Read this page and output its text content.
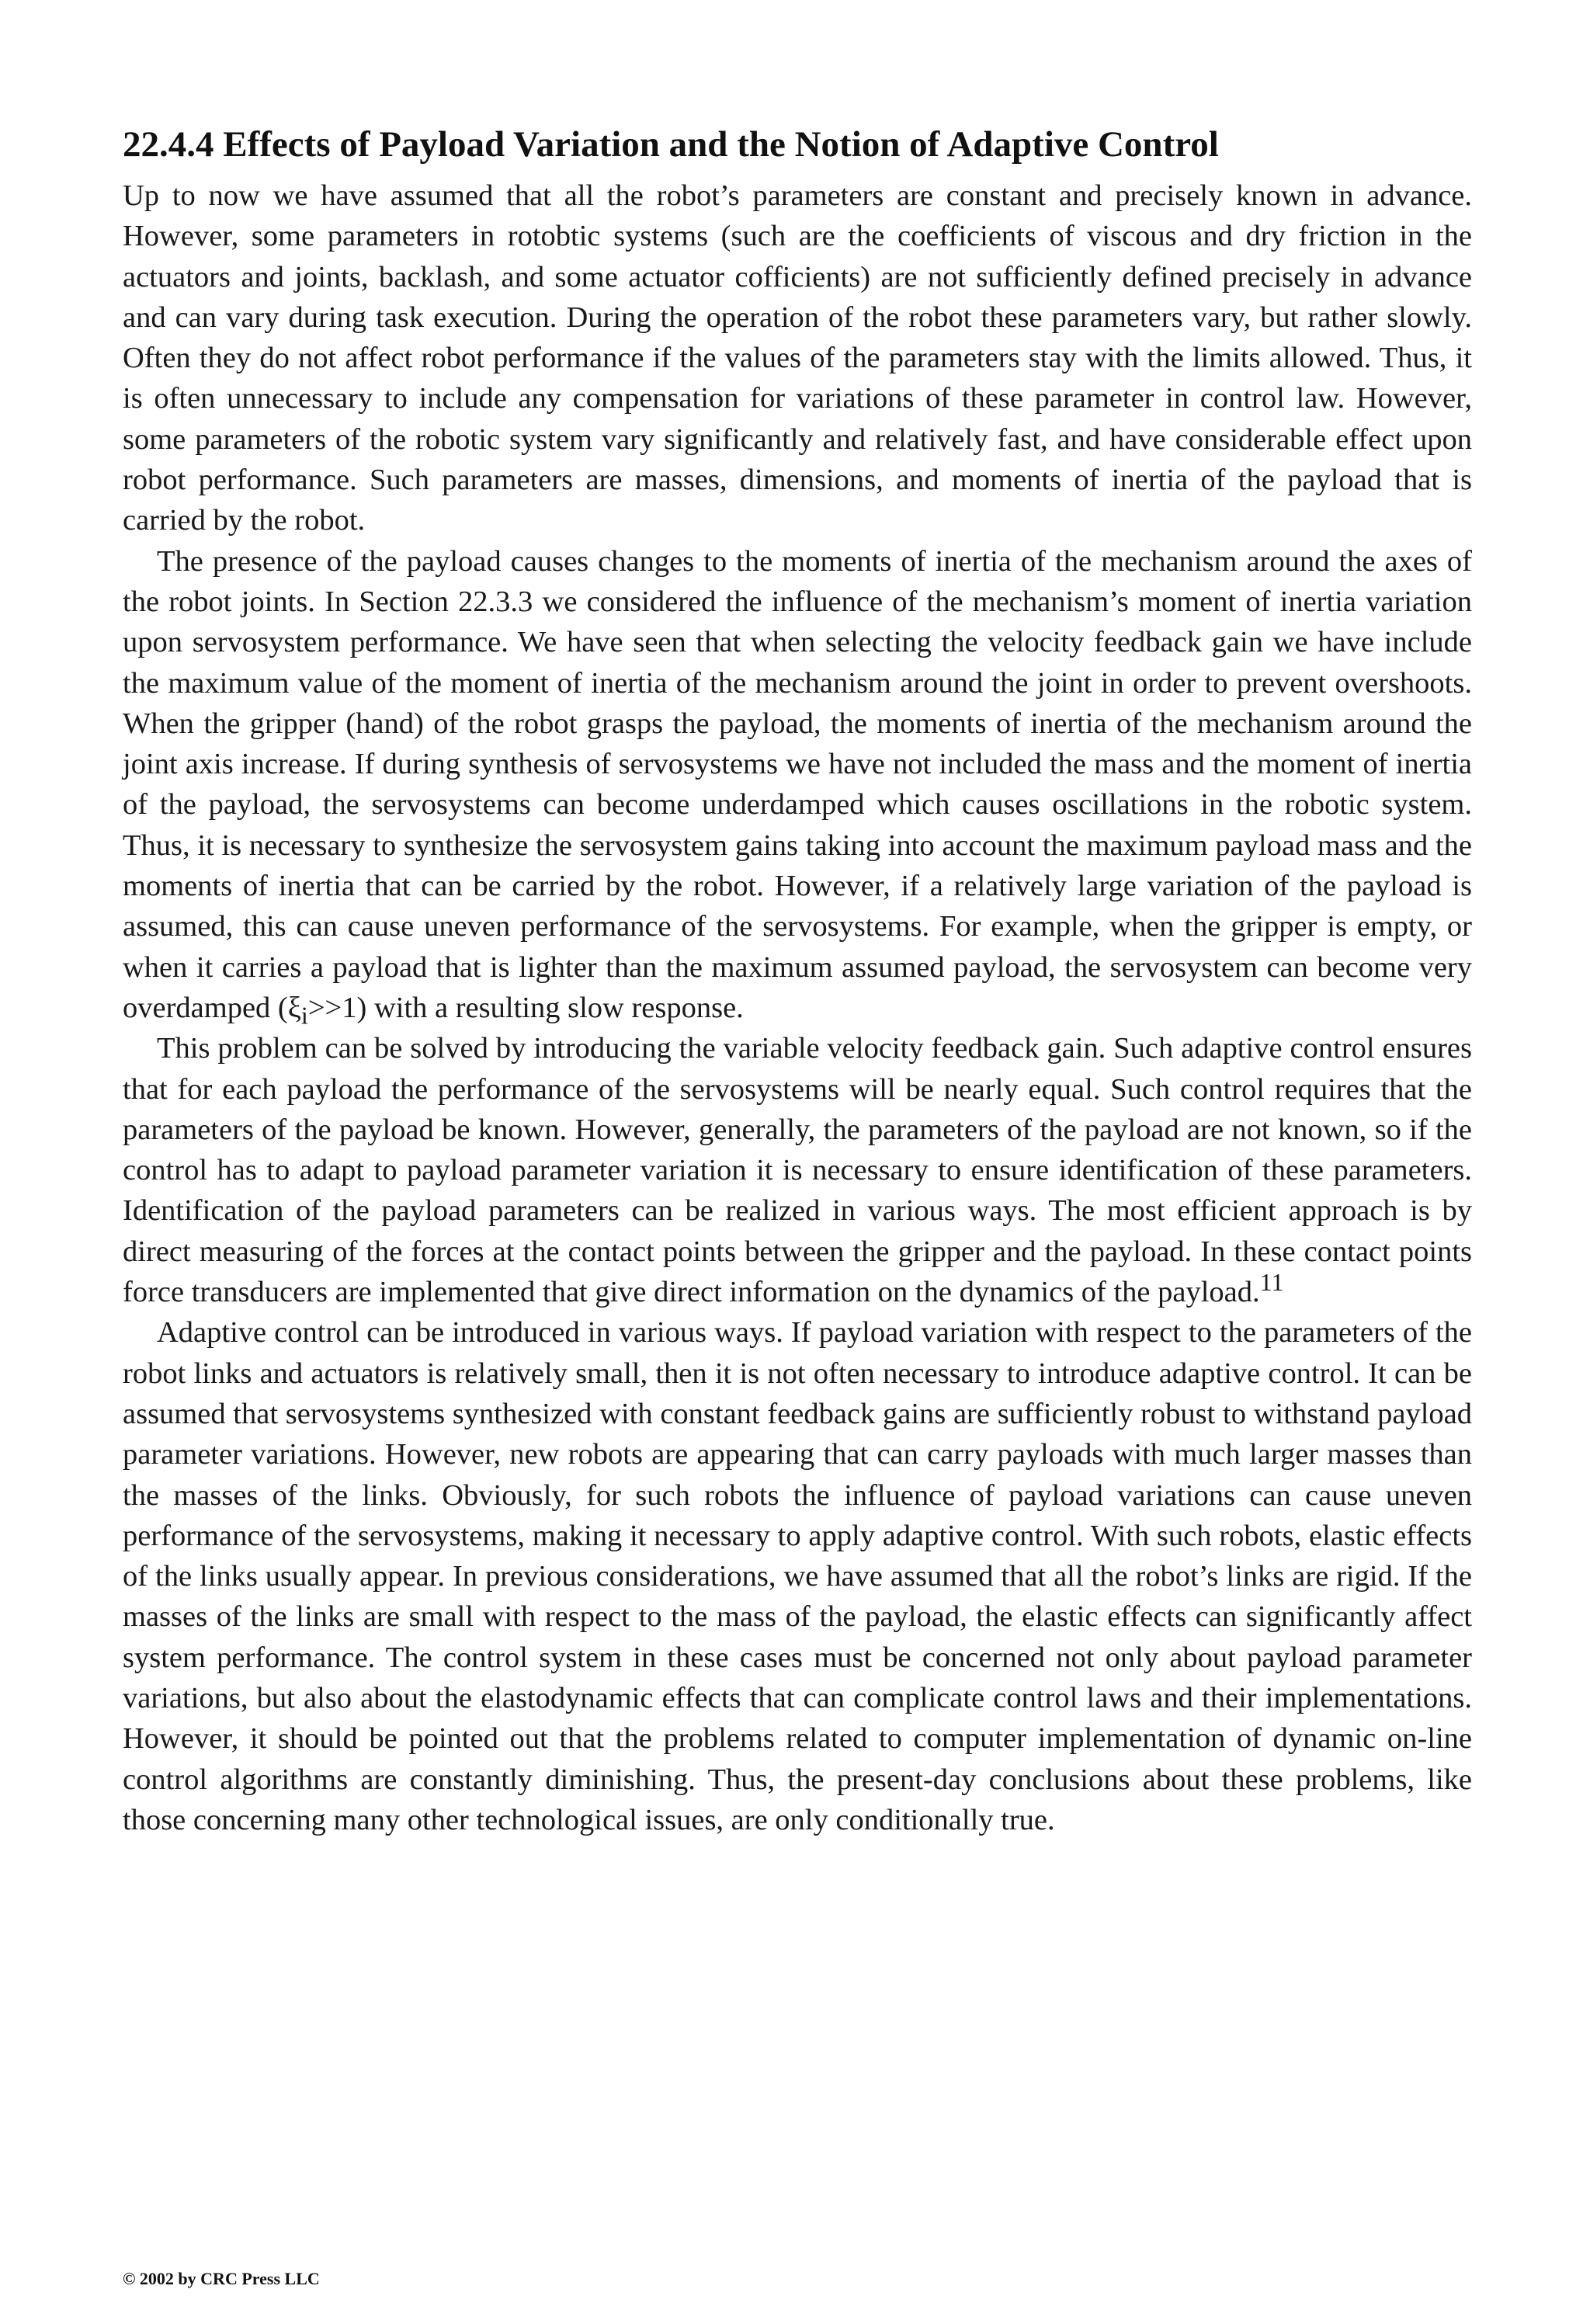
22.4.4 Effects of Payload Variation and the Notion of Adaptive Control

Up to now we have assumed that all the robot’s parameters are constant and precisely known in advance. However, some parameters in rotobtic systems (such are the coefficients of viscous and dry friction in the actuators and joints, backlash, and some actuator cofficients) are not sufficiently defined precisely in advance and can vary during task execution. During the operation of the robot these parameters vary, but rather slowly. Often they do not affect robot performance if the values of the parameters stay with the limits allowed. Thus, it is often unnecessary to include any compensation for variations of these parameter in control law. However, some parameters of the robotic system vary significantly and relatively fast, and have considerable effect upon robot performance. Such parameters are masses, dimensions, and moments of inertia of the payload that is carried by the robot.

The presence of the payload causes changes to the moments of inertia of the mechanism around the axes of the robot joints. In Section 22.3.3 we considered the influence of the mechanism’s moment of inertia variation upon servosystem performance. We have seen that when selecting the velocity feedback gain we have include the maximum value of the moment of inertia of the mechanism around the joint in order to prevent overshoots. When the gripper (hand) of the robot grasps the payload, the moments of inertia of the mechanism around the joint axis increase. If during synthesis of servosystems we have not included the mass and the moment of inertia of the payload, the servosystems can become underdamped which causes oscillations in the robotic system. Thus, it is necessary to synthesize the servosystem gains taking into account the maximum payload mass and the moments of inertia that can be carried by the robot. However, if a relatively large variation of the payload is assumed, this can cause uneven performance of the servosystems. For example, when the gripper is empty, or when it carries a payload that is lighter than the maximum assumed payload, the servosystem can become very overdamped $(\xi_i>>1)$ with a resulting slow response.

This problem can be solved by introducing the variable velocity feedback gain. Such adaptive control ensures that for each payload the performance of the servosystems will be nearly equal. Such control requires that the parameters of the payload be known. However, generally, the parameters of the payload are not known, so if the control has to adapt to payload parameter variation it is necessary to ensure identification of these parameters. Identification of the payload parameters can be realized in various ways. The most efficient approach is by direct measuring of the forces at the contact points between the gripper and the payload. In these contact points force transducers are implemented that give direct information on the dynamics of the payload.$^{11}$

Adaptive control can be introduced in various ways. If payload variation with respect to the parameters of the robot links and actuators is relatively small, then it is not often necessary to introduce adaptive control. It can be assumed that servosystems synthesized with constant feedback gains are sufficiently robust to withstand payload parameter variations. However, new robots are appearing that can carry payloads with much larger masses than the masses of the links. Obviously, for such robots the influence of payload variations can cause uneven performance of the servosystems, making it necessary to apply adaptive control. With such robots, elastic effects of the links usually appear. In previous considerations, we have assumed that all the robot’s links are rigid. If the masses of the links are small with respect to the mass of the payload, the elastic effects can significantly affect system performance. The control system in these cases must be concerned not only about payload parameter variations, but also about the elastodynamic effects that can complicate control laws and their implementations. However, it should be pointed out that the problems related to computer implementation of dynamic on-line control algorithms are constantly diminishing. Thus, the present-day conclusions about these problems, like those concerning many other technological issues, are only conditionally true.

© 2002 by CRC Press LLC
